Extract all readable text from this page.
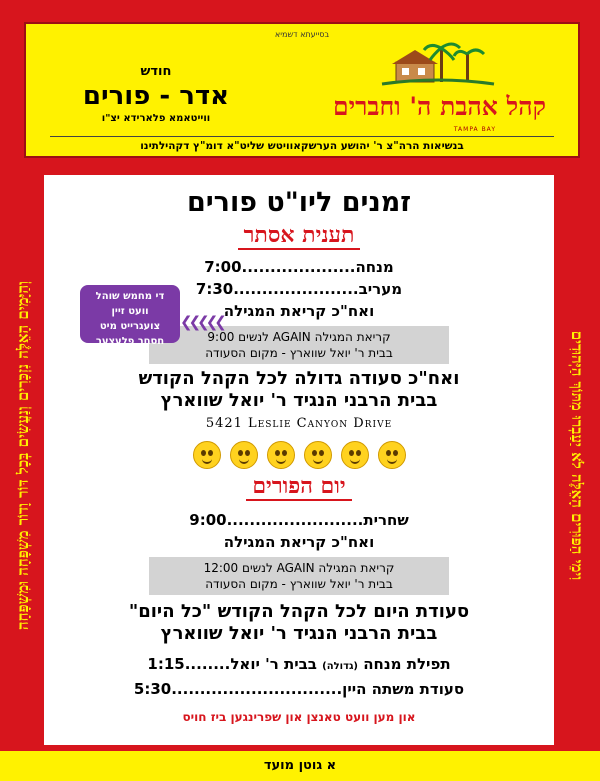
בסייעתא דשמיא
קהל אהבת ה' וחברים
TAMPA BAY
חודש
אדר - פורים
ווייטאמא פלארידא יצ"ו
בנשיאות הרה"צ ר' יהושע הערשקאוויטש שליט"א דומ"ץ דקהילתינו
וְהַיָּמִים הָאֵלֶּה נִזְכָּרִים וְנַעֲשִׂים בְּכָל דּוֹר וָדוֹר מִשְׁפָּחָה וּמִשְׁפָּחָה	וִימֵי הַפּוּרִים הָאֵלֶּה לֹא יַעַבְרוּ מִתּוֹךְ הַיְּהוּדִים
זמנים ליו"ט פורים
תענית אסתר
מנחה....................7:00
מעריב......................7:30
ואח"כ קריאת המגילה
קריאת המגילה AGAIN לנשים 9:00
בבית ר' יואל שווארץ - מקום הסעודה
ואח"כ סעודה גדולה לכל הקהל הקודש
בבית הרבני הנגיד ר' יואל שווארץ
5421 Leslie Canyon Drive
יום הפורים
שחרית........................9:00
ואח"כ קריאת המגילה
קריאת המגילה AGAIN לנשים 12:00
בבית ר' יואל שווארץ - מקום הסעודה
סעודת היום לכל הקהל הקודש "כל היום"
בבית הרבני הנגיד ר' יואל שווארץ
תפילת מנחה (גדולה) בבית ר' יואל........1:15
סעודת משתה היין..............................5:30
און מען וועט טאנצן און שפרינגען ביז חויס
די מחמש שוהל
וועט זיין
צועגרייט מיט
חסחך פלעצער
❮❮❮❮❮
א גוטן מועד
